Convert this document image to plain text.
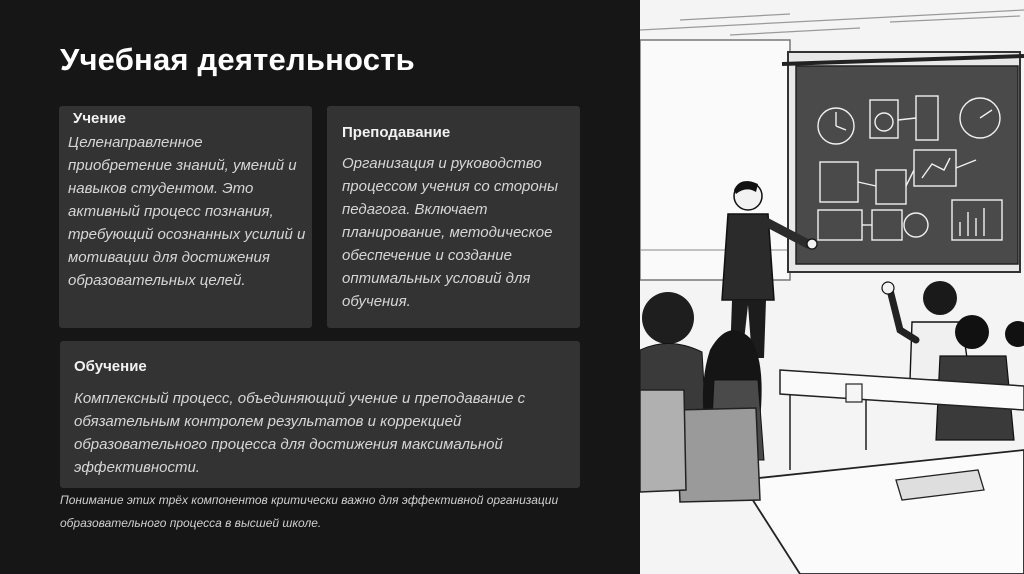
Учебная деятельность
Учение

Целенаправленное приобретение знаний, умений и навыков студентом. Это активный процесс познания, требующий осознанных усилий и мотивации для достижения образовательных целей.

Преподавание

Организация и руководство процессом учения со стороны педагога. Включает планирование, методическое обеспечение и создание оптимальных условий для обучения.

Обучение

Комплексный процесс, объединяющий учение и преподавание с обязательным контролем результатов и коррекцией образовательного процесса для достижения максимальной эффективности.

Понимание этих трёх компонентов критически важно для эффективной организации образовательного процесса в высшей школе.
